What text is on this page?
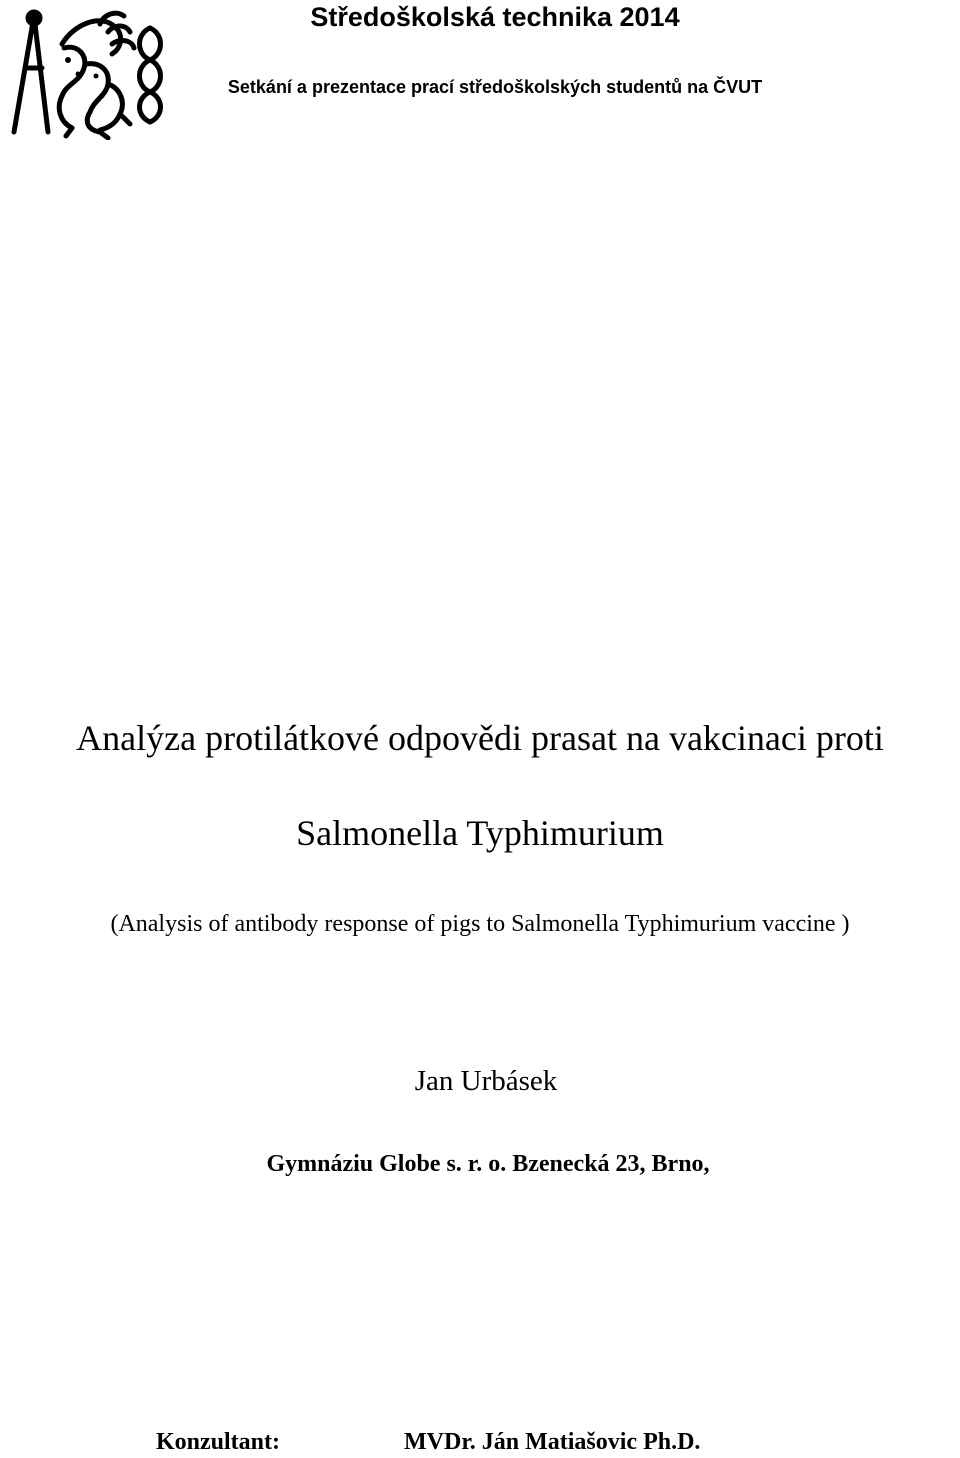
Středoškolská technika 2014
Setkání a prezentace prací středoškolských studentů na ČVUT
Analýza protilátkové odpovědi prasat na vakcinaci proti
Salmonella Typhimurium
(Analysis of antibody response of pigs to Salmonella Typhimurium vaccine )
Jan Urbásek
Gymnáziu Globe s. r. o. Bzenecká 23, Brno,
Konzultant:	MVDr. Ján Matiašovic Ph.D.
